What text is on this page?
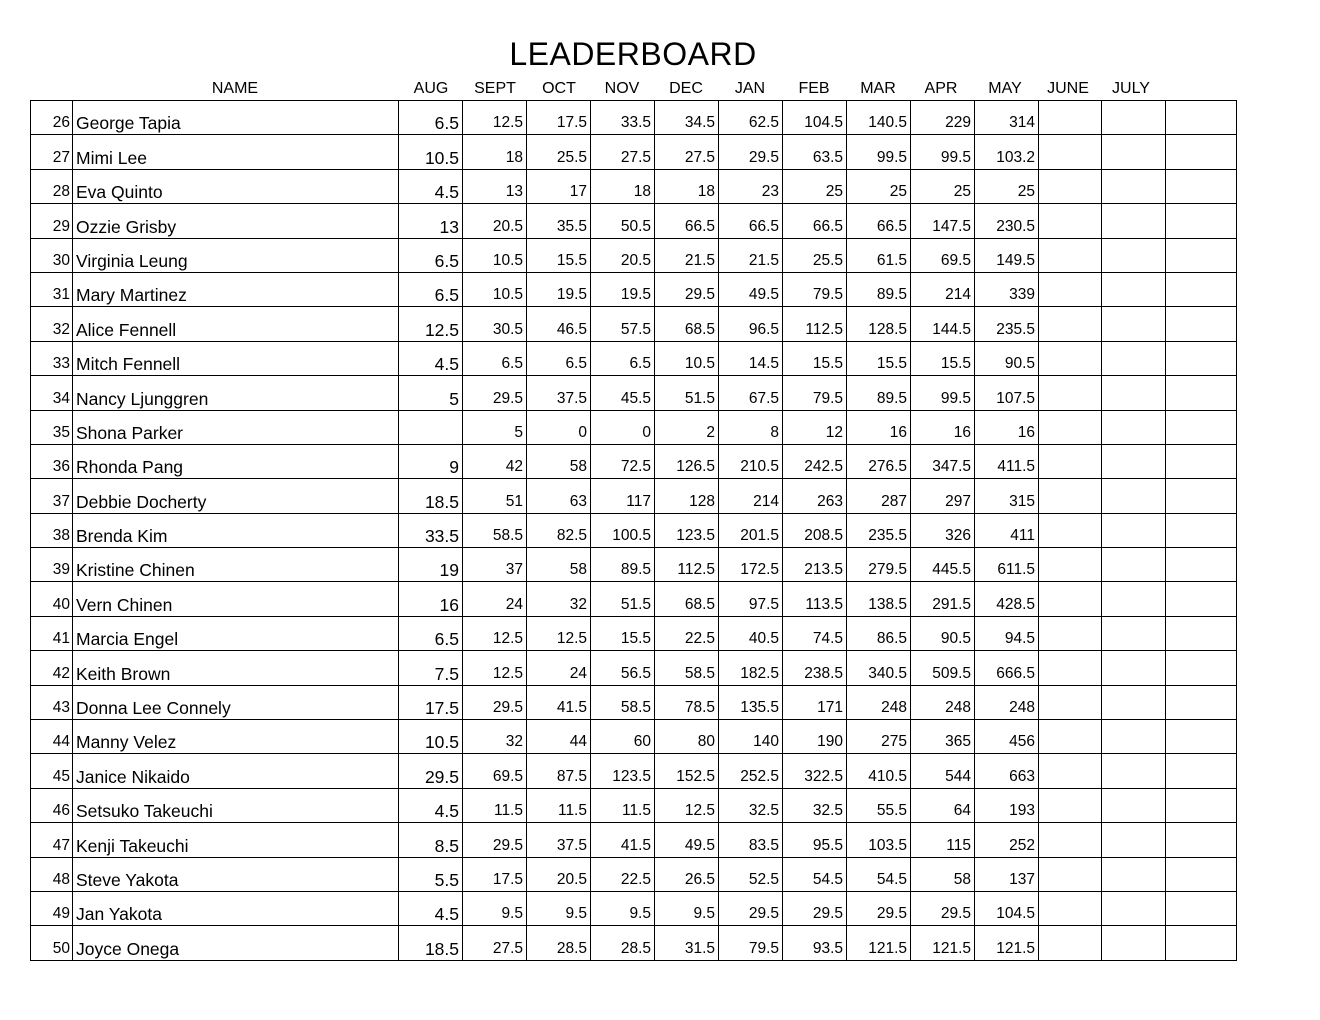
LEADERBOARD
NAME	AUG	SEPT	OCT	NOV	DEC	JAN	FEB	MAR	APR	MAY	JUNE	JULY
26	George Tapia	6.5	12.5	17.5	33.5	34.5	62.5	104.5	140.5	229	314			
27	Mimi Lee	10.5	18	25.5	27.5	27.5	29.5	63.5	99.5	99.5	103.2			
28	Eva Quinto	4.5	13	17	18	18	23	25	25	25	25			
29	Ozzie Grisby	13	20.5	35.5	50.5	66.5	66.5	66.5	66.5	147.5	230.5			
30	Virginia Leung	6.5	10.5	15.5	20.5	21.5	21.5	25.5	61.5	69.5	149.5			
31	Mary Martinez	6.5	10.5	19.5	19.5	29.5	49.5	79.5	89.5	214	339			
32	Alice Fennell	12.5	30.5	46.5	57.5	68.5	96.5	112.5	128.5	144.5	235.5			
33	Mitch Fennell	4.5	6.5	6.5	6.5	10.5	14.5	15.5	15.5	15.5	90.5			
34	Nancy Ljunggren	5	29.5	37.5	45.5	51.5	67.5	79.5	89.5	99.5	107.5			
35	Shona Parker		5	0	0	2	8	12	16	16	16			
36	Rhonda Pang	9	42	58	72.5	126.5	210.5	242.5	276.5	347.5	411.5			
37	Debbie Docherty	18.5	51	63	117	128	214	263	287	297	315			
38	Brenda Kim	33.5	58.5	82.5	100.5	123.5	201.5	208.5	235.5	326	411			
39	Kristine Chinen	19	37	58	89.5	112.5	172.5	213.5	279.5	445.5	611.5			
40	Vern Chinen	16	24	32	51.5	68.5	97.5	113.5	138.5	291.5	428.5			
41	Marcia Engel	6.5	12.5	12.5	15.5	22.5	40.5	74.5	86.5	90.5	94.5			
42	Keith Brown	7.5	12.5	24	56.5	58.5	182.5	238.5	340.5	509.5	666.5			
43	Donna Lee Connely	17.5	29.5	41.5	58.5	78.5	135.5	171	248	248	248			
44	Manny Velez	10.5	32	44	60	80	140	190	275	365	456			
45	Janice Nikaido	29.5	69.5	87.5	123.5	152.5	252.5	322.5	410.5	544	663			
46	Setsuko Takeuchi	4.5	11.5	11.5	11.5	12.5	32.5	32.5	55.5	64	193			
47	Kenji Takeuchi	8.5	29.5	37.5	41.5	49.5	83.5	95.5	103.5	115	252			
48	Steve Yakota	5.5	17.5	20.5	22.5	26.5	52.5	54.5	54.5	58	137			
49	Jan Yakota	4.5	9.5	9.5	9.5	9.5	29.5	29.5	29.5	29.5	104.5			
50	Joyce Onega	18.5	27.5	28.5	28.5	31.5	79.5	93.5	121.5	121.5	121.5			
